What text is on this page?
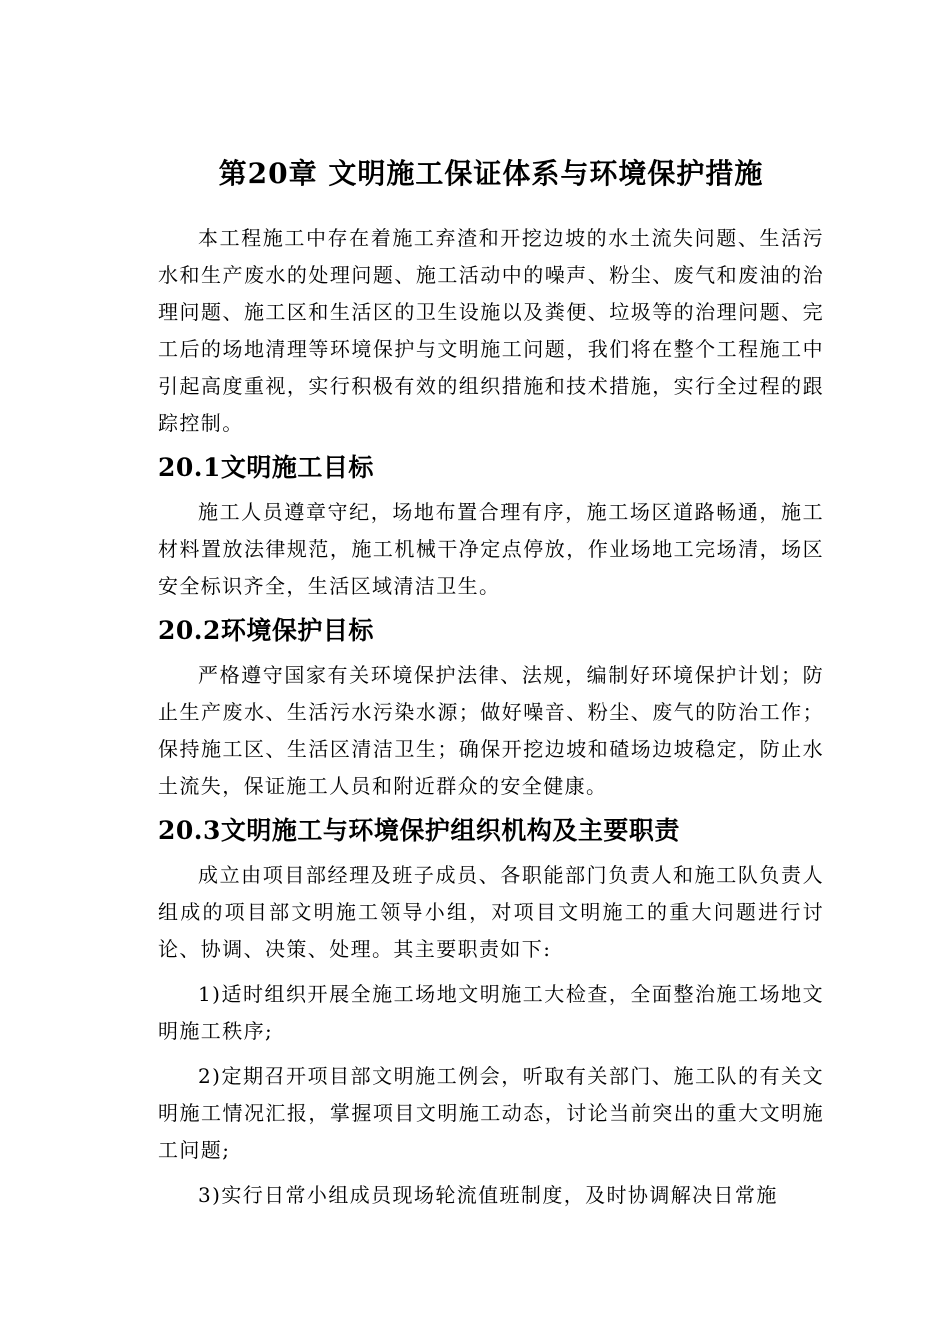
第20章 文明施工保证体系与环境保护措施

本工程施工中存在着施工弃渣和开挖边坡的水土流失问题、生活污水和生产废水的处理问题、施工活动中的噪声、粉尘、废气和废油的治理问题、施工区和生活区的卫生设施以及粪便、垃圾等的治理问题、完工后的场地清理等环境保护与文明施工问题，我们将在整个工程施工中引起高度重视，实行积极有效的组织措施和技术措施，实行全过程的跟踪控制。

20.1文明施工目标

施工人员遵章守纪，场地布置合理有序，施工场区道路畅通，施工材料置放法律规范，施工机械干净定点停放，作业场地工完场清，场区安全标识齐全，生活区域清洁卫生。

20.2环境保护目标

严格遵守国家有关环境保护法律、法规，编制好环境保护计划；防止生产废水、生活污水污染水源；做好噪音、粉尘、废气的防治工作；保持施工区、生活区清洁卫生；确保开挖边坡和碴场边坡稳定，防止水土流失，保证施工人员和附近群众的安全健康。

20.3文明施工与环境保护组织机构及主要职责

成立由项目部经理及班子成员、各职能部门负责人和施工队负责人组成的项目部文明施工领导小组，对项目文明施工的重大问题进行讨论、协调、决策、处理。其主要职责如下:

1)适时组织开展全施工场地文明施工大检查，全面整治施工场地文明施工秩序;

2)定期召开项目部文明施工例会，听取有关部门、施工队的有关文明施工情况汇报，掌握项目文明施工动态，讨论当前突出的重大文明施工问题;

3)实行日常小组成员现场轮流值班制度，及时协调解决日常施
